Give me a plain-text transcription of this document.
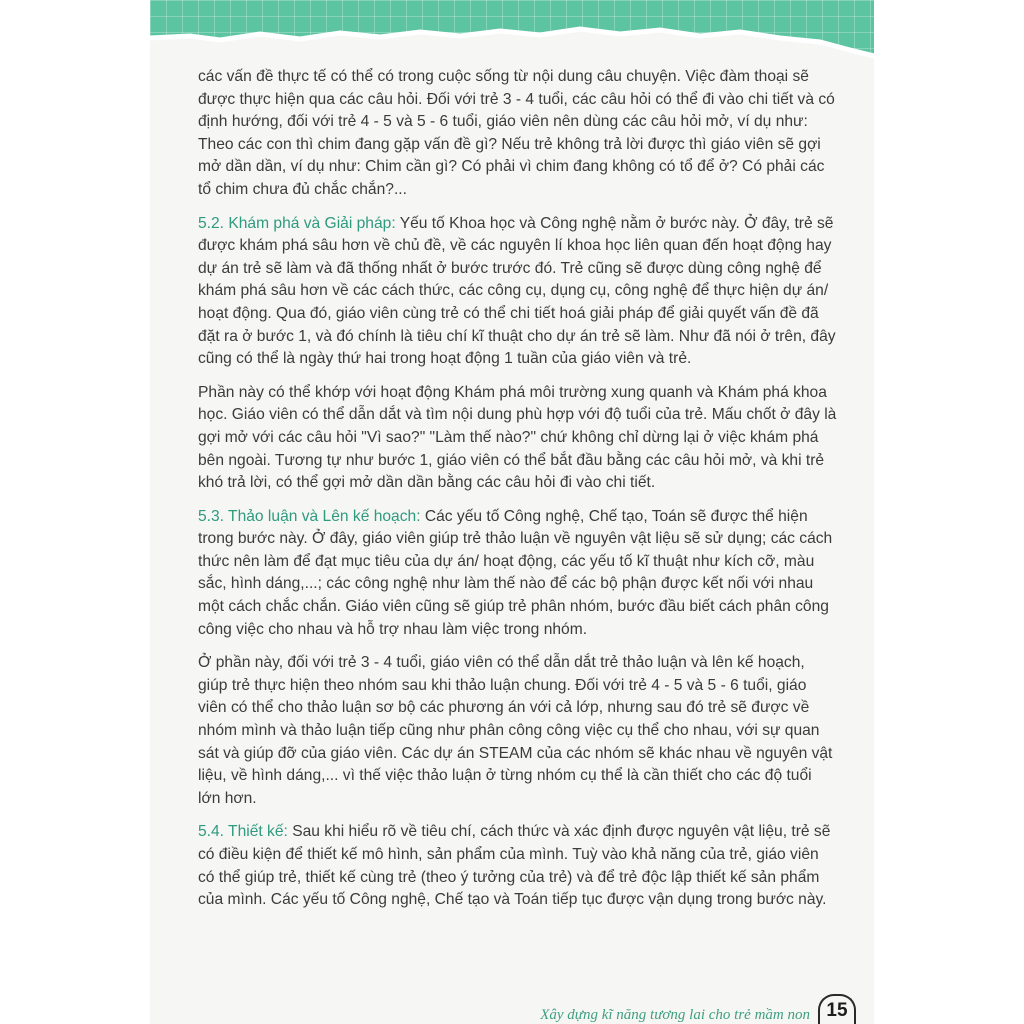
các vấn đề thực tế có thể có trong cuộc sống từ nội dung câu chuyện. Việc đàm thoại sẽ được thực hiện qua các câu hỏi. Đối với trẻ 3 - 4 tuổi, các câu hỏi có thể đi vào chi tiết và có định hướng, đối với trẻ 4 - 5 và 5 - 6 tuổi, giáo viên nên dùng các câu hỏi mở, ví dụ như: Theo các con thì chim đang gặp vấn đề gì? Nếu trẻ không trả lời được thì giáo viên sẽ gợi mở dần dần, ví dụ như: Chim cần gì? Có phải vì chim đang không có tổ để ở? Có phải các tổ chim chưa đủ chắc chắn?...

5.2. Khám phá và Giải pháp: Yếu tố Khoa học và Công nghệ nằm ở bước này. Ở đây, trẻ sẽ được khám phá sâu hơn về chủ đề, về các nguyên lí khoa học liên quan đến hoạt động hay dự án trẻ sẽ làm và đã thống nhất ở bước trước đó. Trẻ cũng sẽ được dùng công nghệ để khám phá sâu hơn về các cách thức, các công cụ, dụng cụ, công nghệ để thực hiện dự án/ hoạt động. Qua đó, giáo viên cùng trẻ có thể chi tiết hoá giải pháp để giải quyết vấn đề đã đặt ra ở bước 1, và đó chính là tiêu chí kĩ thuật cho dự án trẻ sẽ làm. Như đã nói ở trên, đây cũng có thể là ngày thứ hai trong hoạt động 1 tuần của giáo viên và trẻ.

Phần này có thể khớp với hoạt động Khám phá môi trường xung quanh và Khám phá khoa học. Giáo viên có thể dẫn dắt và tìm nội dung phù hợp với độ tuổi của trẻ. Mấu chốt ở đây là gợi mở với các câu hỏi "Vì sao?" "Làm thế nào?" chứ không chỉ dừng lại ở việc khám phá bên ngoài. Tương tự như bước 1, giáo viên có thể bắt đầu bằng các câu hỏi mở, và khi trẻ khó trả lời, có thể gợi mở dần dần bằng các câu hỏi đi vào chi tiết.

5.3. Thảo luận và Lên kế hoạch: Các yếu tố Công nghệ, Chế tạo, Toán sẽ được thể hiện trong bước này. Ở đây, giáo viên giúp trẻ thảo luận về nguyên vật liệu sẽ sử dụng; các cách thức nên làm để đạt mục tiêu của dự án/ hoạt động, các yếu tố kĩ thuật như kích cỡ, màu sắc, hình dáng,...; các công nghệ như làm thế nào để các bộ phận được kết nối với nhau một cách chắc chắn. Giáo viên cũng sẽ giúp trẻ phân nhóm, bước đầu biết cách phân công công việc cho nhau và hỗ trợ nhau làm việc trong nhóm.

Ở phần này, đối với trẻ 3 - 4 tuổi, giáo viên có thể dẫn dắt trẻ thảo luận và lên kế hoạch, giúp trẻ thực hiện theo nhóm sau khi thảo luận chung. Đối với trẻ 4 - 5 và 5 - 6 tuổi, giáo viên có thể cho thảo luận sơ bộ các phương án với cả lớp, nhưng sau đó trẻ sẽ được về nhóm mình và thảo luận tiếp cũng như phân công công việc cụ thể cho nhau, với sự quan sát và giúp đỡ của giáo viên. Các dự án STEAM của các nhóm sẽ khác nhau về nguyên vật liệu, về hình dáng,... vì thế việc thảo luận ở từng nhóm cụ thể là cần thiết cho các độ tuổi lớn hơn.

5.4. Thiết kế: Sau khi hiểu rõ về tiêu chí, cách thức và xác định được nguyên vật liệu, trẻ sẽ có điều kiện để thiết kế mô hình, sản phẩm của mình. Tuỳ vào khả năng của trẻ, giáo viên có thể giúp trẻ, thiết kế cùng trẻ (theo ý tưởng của trẻ) và để trẻ độc lập thiết kế sản phẩm của mình. Các yếu tố Công nghệ, Chế tạo và Toán tiếp tục được vận dụng trong bước này.

Xây dựng kĩ năng tương lai cho trẻ mầm non 15
